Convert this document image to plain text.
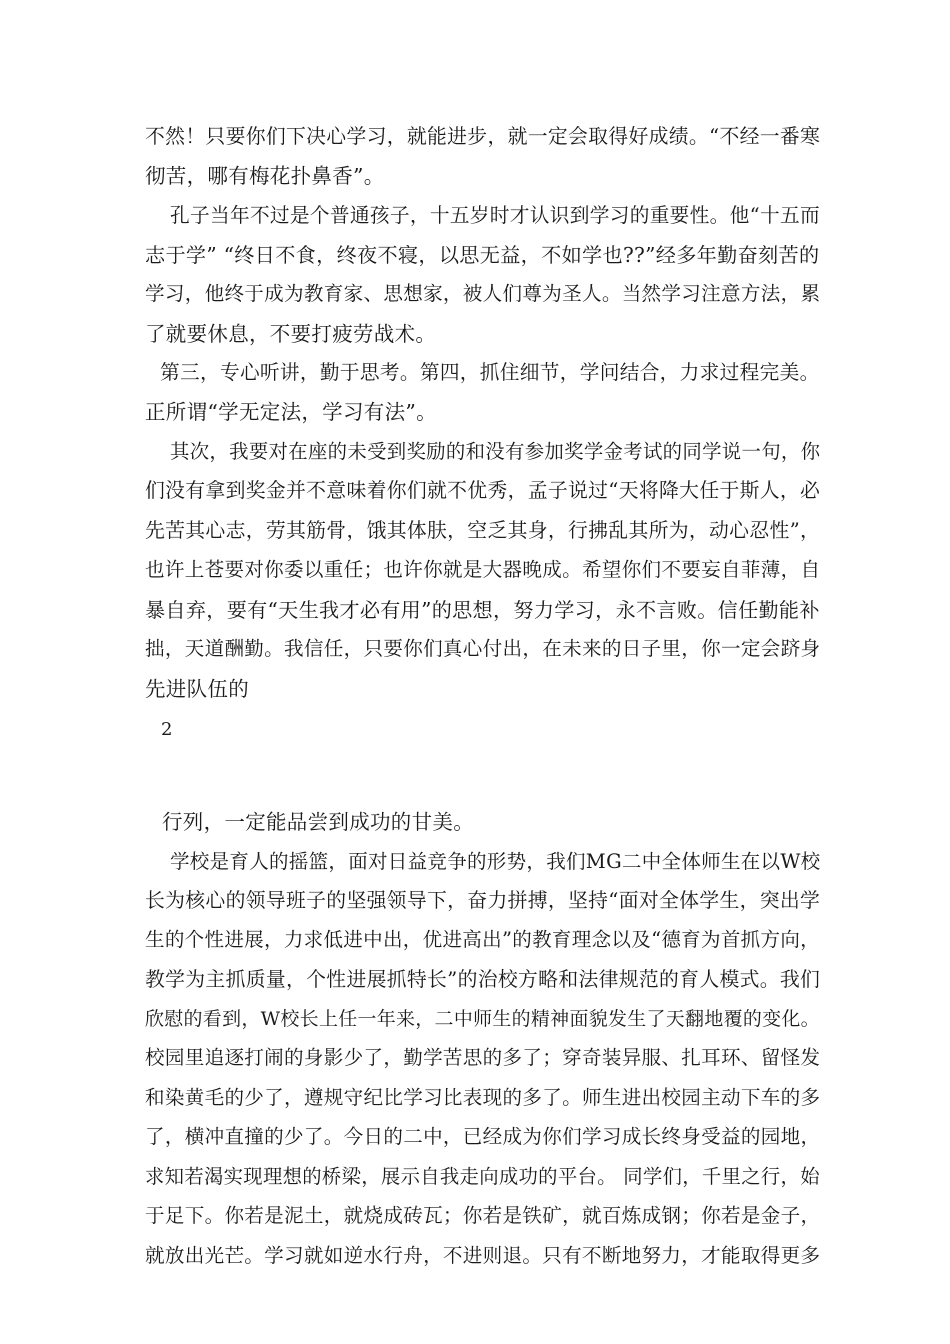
不然！只要你们下决心学习，就能进步，就一定会取得好成绩。“不经一番寒
彻苦，哪有梅花扑鼻香”。
孔子当年不过是个普通孩子，十五岁时才认识到学习的重要性。他“十五而
志于学” “终日不食，终夜不寝，以思无益，不如学也??”经多年勤奋刻苦的
学习，他终于成为教育家、思想家，被人们尊为圣人。当然学习注意方法，累
了就要休息，不要打疲劳战术。
第三，专心听讲，勤于思考。第四，抓住细节，学问结合，力求过程完美。
正所谓“学无定法，学习有法”。
其次，我要对在座的未受到奖励的和没有参加奖学金考试的同学说一句，你
们没有拿到奖金并不意味着你们就不优秀，孟子说过“天将降大任于斯人，必
先苦其心志，劳其筋骨，饿其体肤，空乏其身，行拂乱其所为，动心忍性”，
也许上苍要对你委以重任；也许你就是大器晚成。希望你们不要妄自菲薄，自
暴自弃，要有“天生我才必有用”的思想，努力学习，永不言败。信任勤能补
拙，天道酬勤。我信任，只要你们真心付出，在未来的日子里，你一定会跻身
先进队伍的
2
行列，一定能品尝到成功的甘美。
学校是育人的摇篮，面对日益竞争的形势，我们MG二中全体师生在以W校
长为核心的领导班子的坚强领导下，奋力拼搏，坚持“面对全体学生，突出学
生的个性进展，力求低进中出，优进高出”的教育理念以及“德育为首抓方向，
教学为主抓质量，个性进展抓特长”的治校方略和法律规范的育人模式。我们
欣慰的看到，W校长上任一年来，二中师生的精神面貌发生了天翻地覆的变化。
校园里追逐打闹的身影少了，勤学苦思的多了；穿奇装异服、扎耳环、留怪发
和染黄毛的少了，遵规守纪比学习比表现的多了。师生进出校园主动下车的多
了，横冲直撞的少了。今日的二中，已经成为你们学习成长终身受益的园地，
求知若渴实现理想的桥梁，展示自我走向成功的平台。 同学们，千里之行，始
于足下。你若是泥土，就烧成砖瓦；你若是铁矿，就百炼成钢；你若是金子，
就放出光芒。学习就如逆水行舟，不进则退。只有不断地努力，才能取得更多
